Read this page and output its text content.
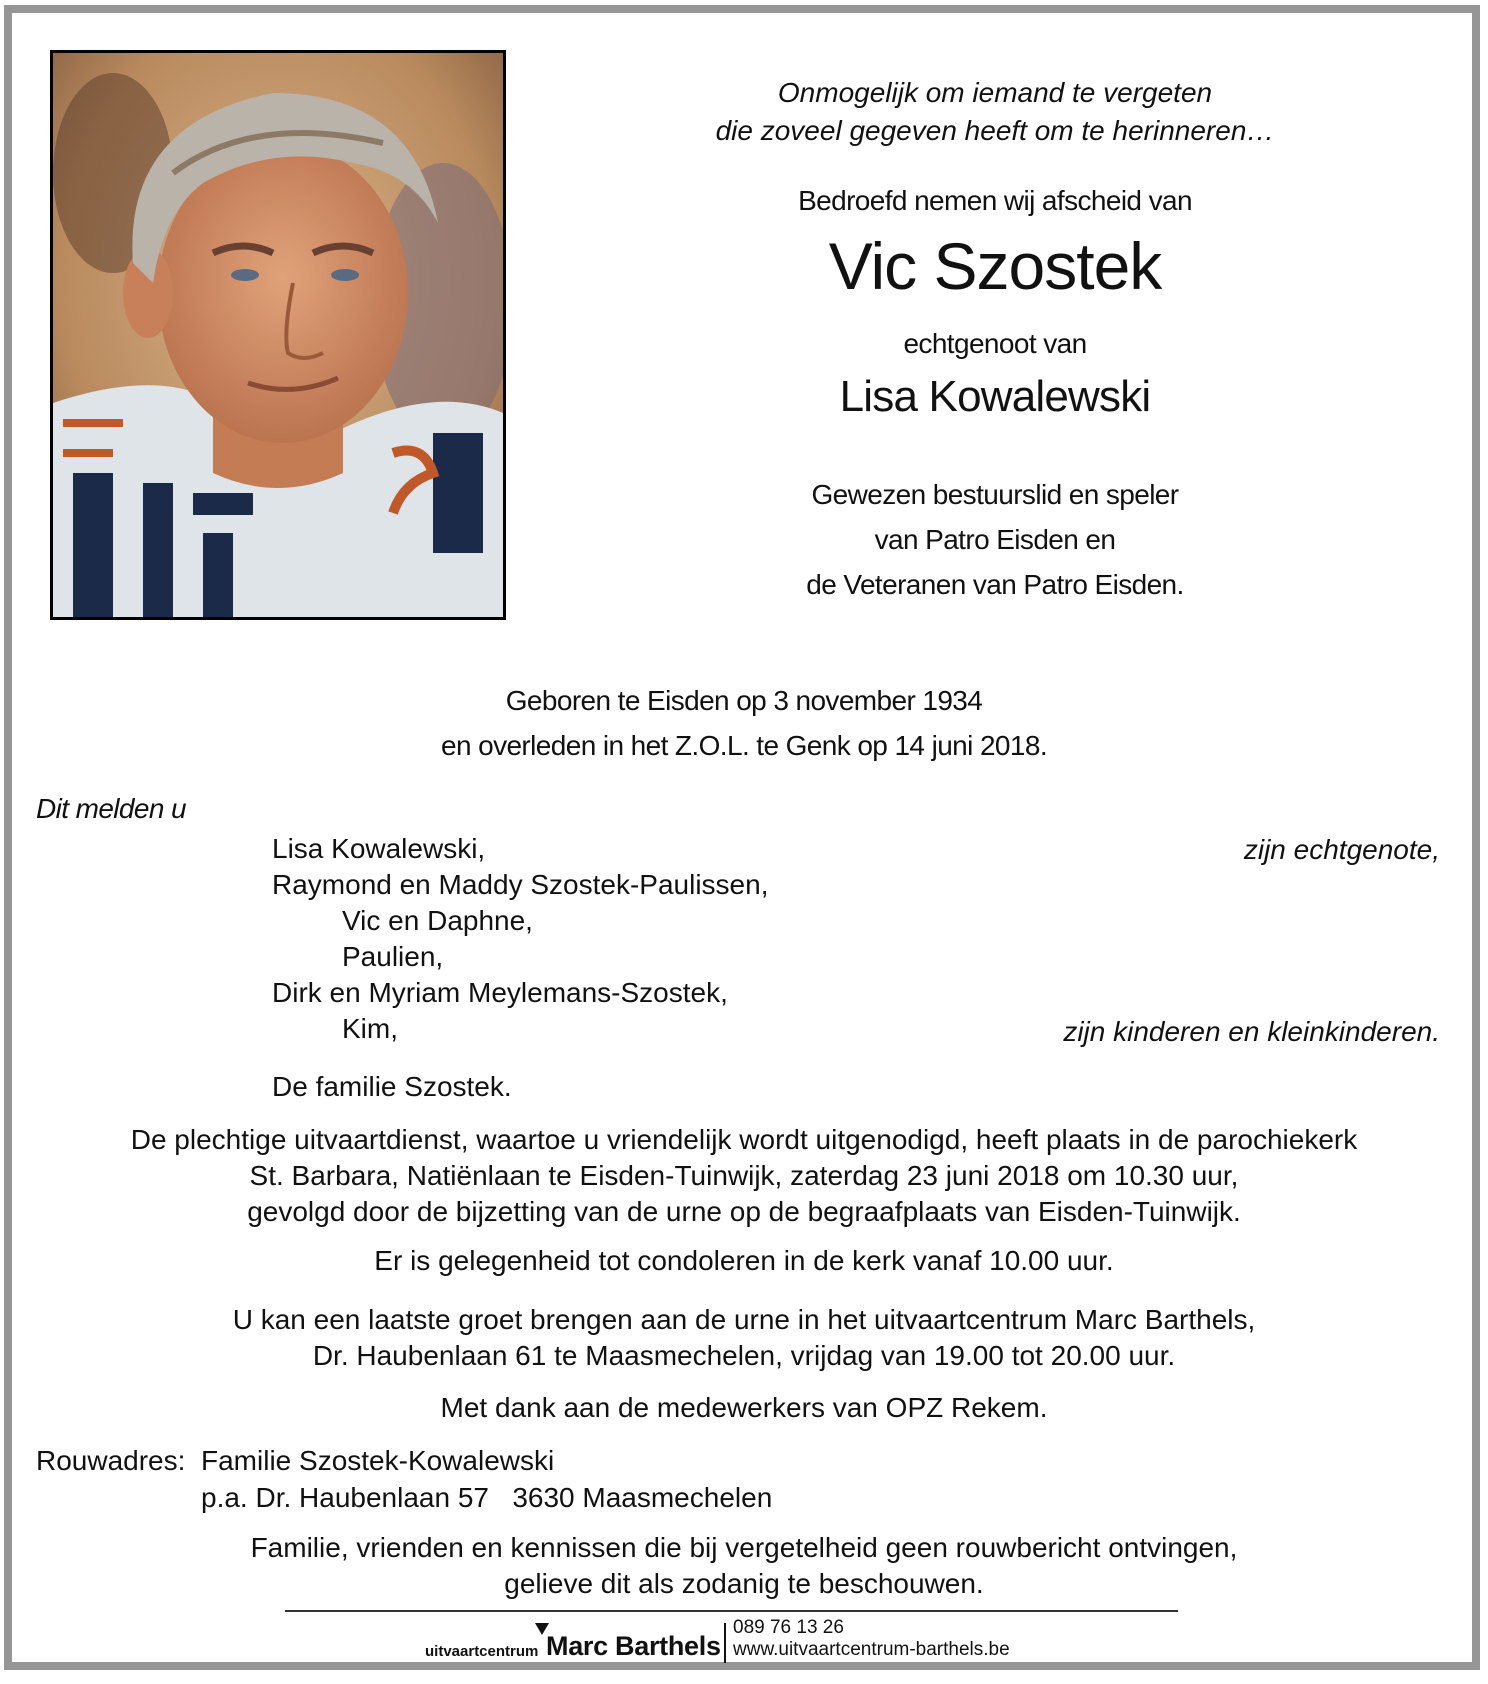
Onmogelijk om iemand te vergeten
die zoveel gegeven heeft om te herinneren…
Bedroefd nemen wij afscheid van
Vic Szostek
echtgenoot van
Lisa Kowalewski
Gewezen bestuurslid en speler
van Patro Eisden en
de Veteranen van Patro Eisden.
Geboren te Eisden op 3 november 1934
en overleden in het Z.O.L. te Genk op 14 juni 2018.
Dit melden u
Lisa Kowalewski,
Raymond en Maddy Szostek-Paulissen,
Vic en Daphne,
Paulien,
Dirk en Myriam Meylemans-Szostek,
Kim,
De familie Szostek.
zijn echtgenote,
zijn kinderen en kleinkinderen.
De plechtige uitvaartdienst, waartoe u vriendelijk wordt uitgenodigd, heeft plaats in de parochiekerk
St. Barbara, Natiënlaan te Eisden-Tuinwijk, zaterdag 23 juni 2018 om 10.30 uur,
gevolgd door de bijzetting van de urne op de begraafplaats van Eisden-Tuinwijk.
Er is gelegenheid tot condoleren in de kerk vanaf 10.00 uur.
U kan een laatste groet brengen aan de urne in het uitvaartcentrum Marc Barthels,
Dr. Haubenlaan 61 te Maasmechelen, vrijdag van 19.00 tot 20.00 uur.
Met dank aan de medewerkers van OPZ Rekem.
Rouwadres: Familie Szostek-Kowalewski
p.a. Dr. Haubenlaan 57   3630 Maasmechelen
Familie, vrienden en kennissen die bij vergetelheid geen rouwbericht ontvingen,
gelieve dit als zodanig te beschouwen.
uitvaartcentrum Marc Barthels
089 76 13 26
www.uitvaartcentrum-barthels.be
